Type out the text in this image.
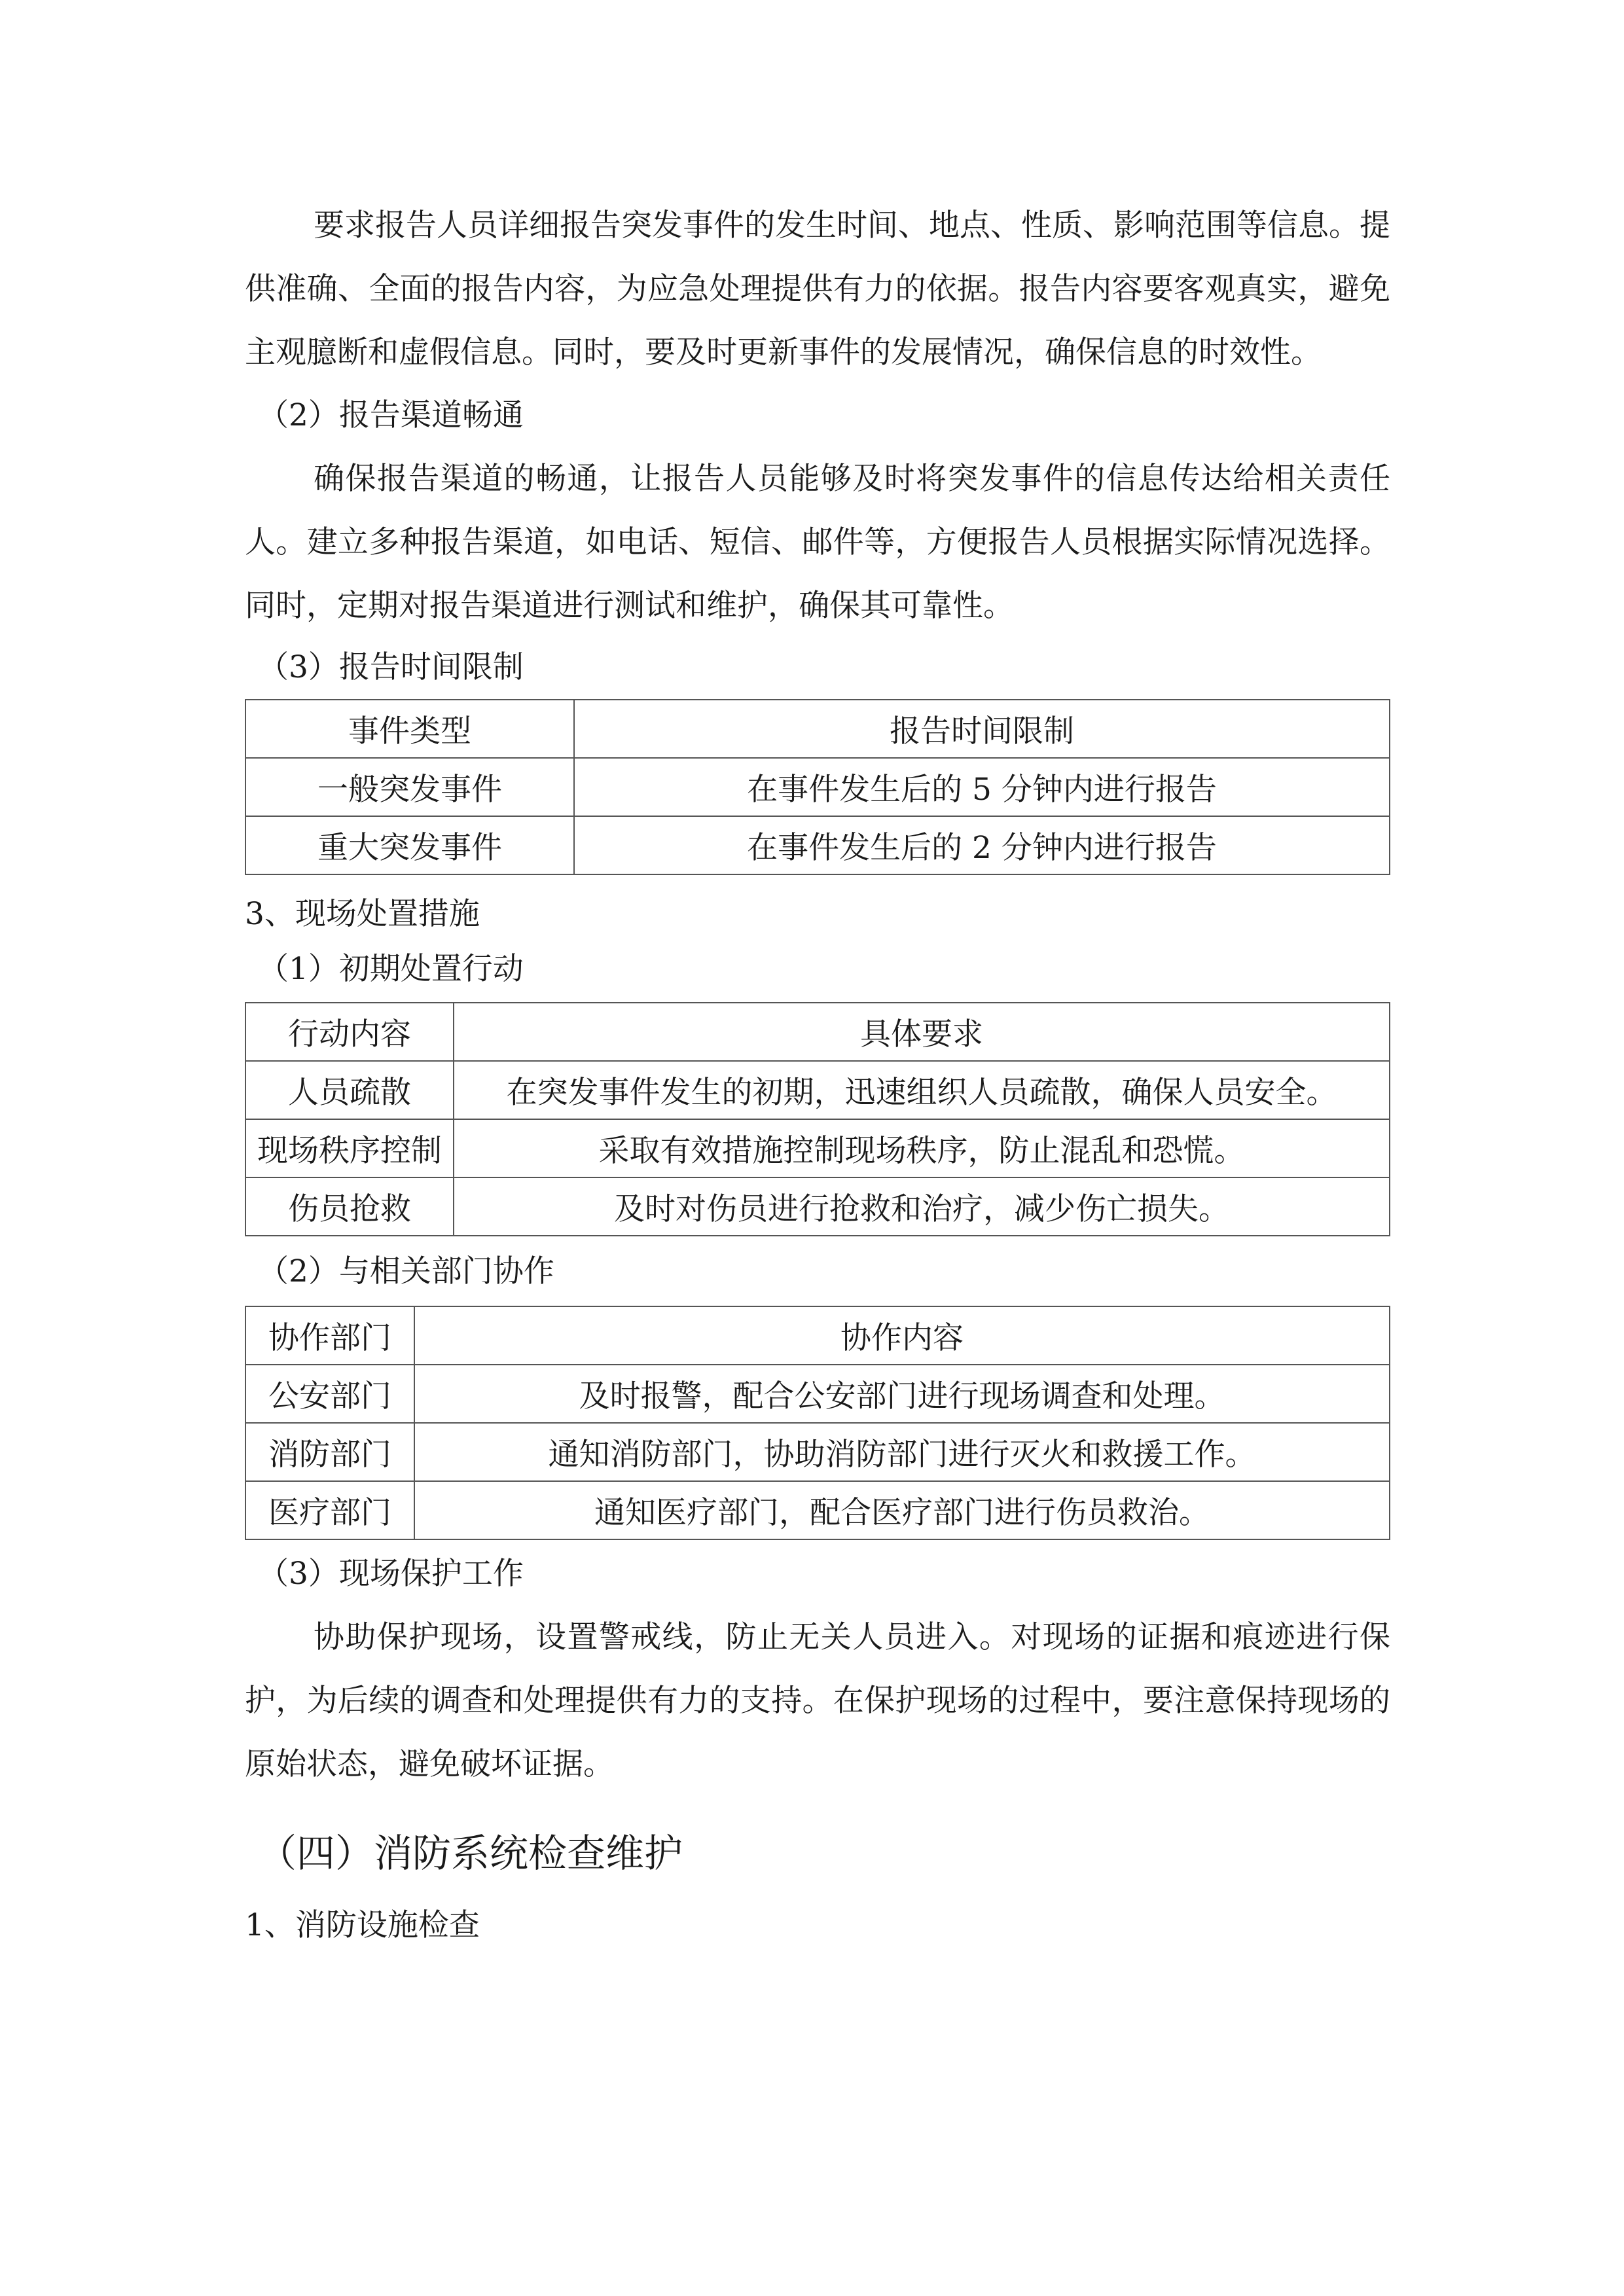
要求报告人员详细报告突发事件的发生时间、地点、性质、影响范围等信息。提供准确、全面的报告内容，为应急处理提供有力的依据。报告内容要客观真实，避免主观臆断和虚假信息。同时，要及时更新事件的发展情况，确保信息的时效性。

（2）报告渠道畅通

确保报告渠道的畅通，让报告人员能够及时将突发事件的信息传达给相关责任人。建立多种报告渠道，如电话、短信、邮件等，方便报告人员根据实际情况选择。同时，定期对报告渠道进行测试和维护，确保其可靠性。

（3）报告时间限制

事件类型	报告时间限制
一般突发事件	在事件发生后的 5 分钟内进行报告
重大突发事件	在事件发生后的 2 分钟内进行报告

3、现场处置措施

（1）初期处置行动

行动内容	具体要求
人员疏散	在突发事件发生的初期，迅速组织人员疏散，确保人员安全。
现场秩序控制	采取有效措施控制现场秩序，防止混乱和恐慌。
伤员抢救	及时对伤员进行抢救和治疗，减少伤亡损失。

（2）与相关部门协作

协作部门	协作内容
公安部门	及时报警，配合公安部门进行现场调查和处理。
消防部门	通知消防部门，协助消防部门进行灭火和救援工作。
医疗部门	通知医疗部门，配合医疗部门进行伤员救治。

（3）现场保护工作

协助保护现场，设置警戒线，防止无关人员进入。对现场的证据和痕迹进行保护，为后续的调查和处理提供有力的支持。在保护现场的过程中，要注意保持现场的原始状态，避免破坏证据。

（四）消防系统检查维护

1、消防设施检查
